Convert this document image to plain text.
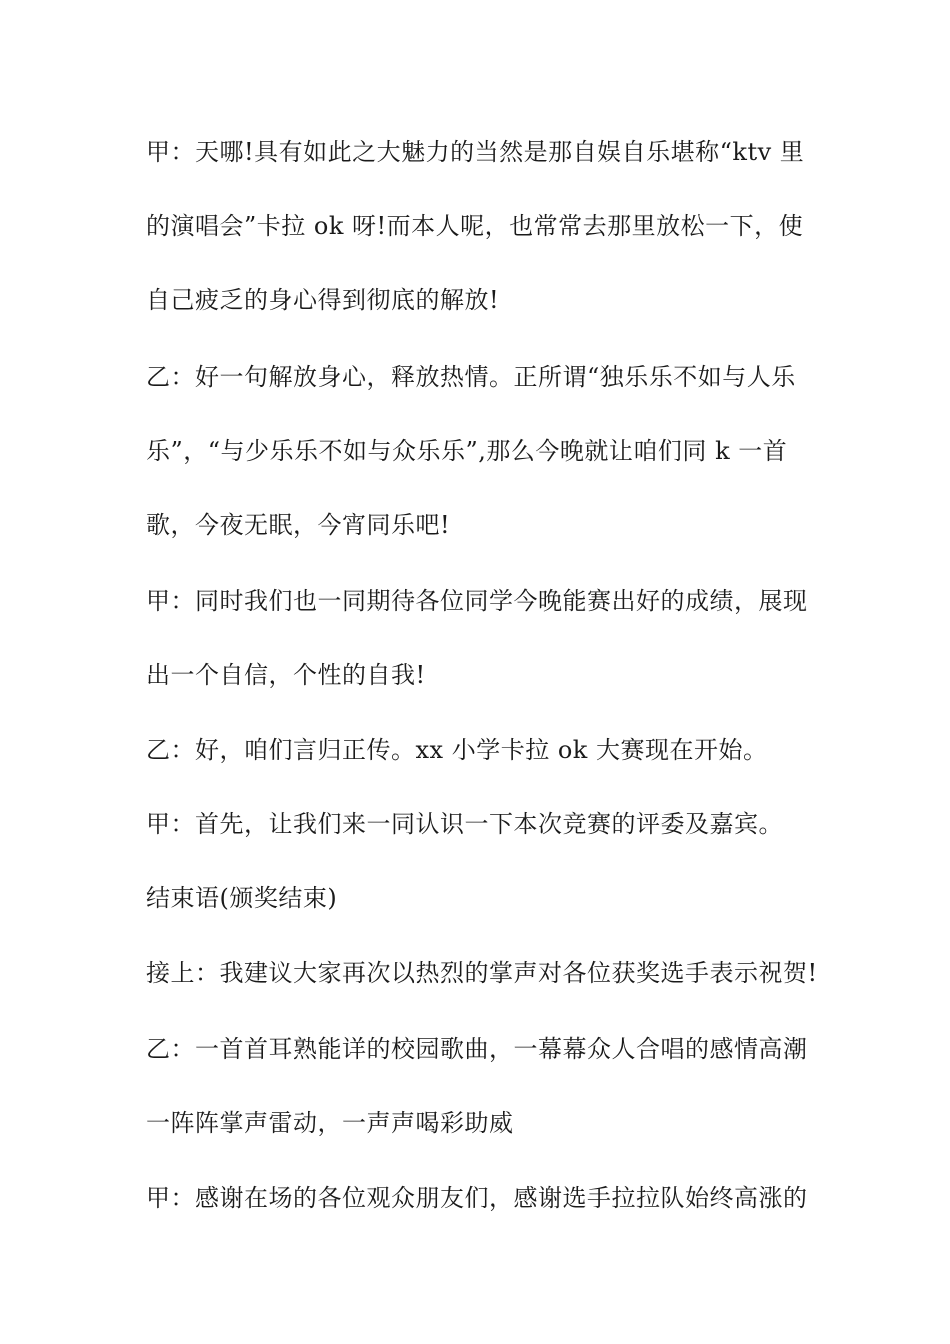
甲：天哪!具有如此之大魅力的当然是那自娱自乐堪称“ktv 里
的演唱会”卡拉 ok 呀!而本人呢，也常常去那里放松一下，使
自己疲乏的身心得到彻底的解放!
乙：好一句解放身心，释放热情。正所谓“独乐乐不如与人乐
乐”，“与少乐乐不如与众乐乐”,那么今晚就让咱们同 k 一首
歌，今夜无眠，今宵同乐吧!
甲：同时我们也一同期待各位同学今晚能赛出好的成绩，展现
出一个自信，个性的自我!
乙：好，咱们言归正传。xx 小学卡拉 ok 大赛现在开始。
甲：首先，让我们来一同认识一下本次竞赛的评委及嘉宾。
结束语(颁奖结束)
接上：我建议大家再次以热烈的掌声对各位获奖选手表示祝贺!
乙：一首首耳熟能详的校园歌曲，一幕幕众人合唱的感情高潮
一阵阵掌声雷动，一声声喝彩助威
甲：感谢在场的各位观众朋友们，感谢选手拉拉队始终高涨的
